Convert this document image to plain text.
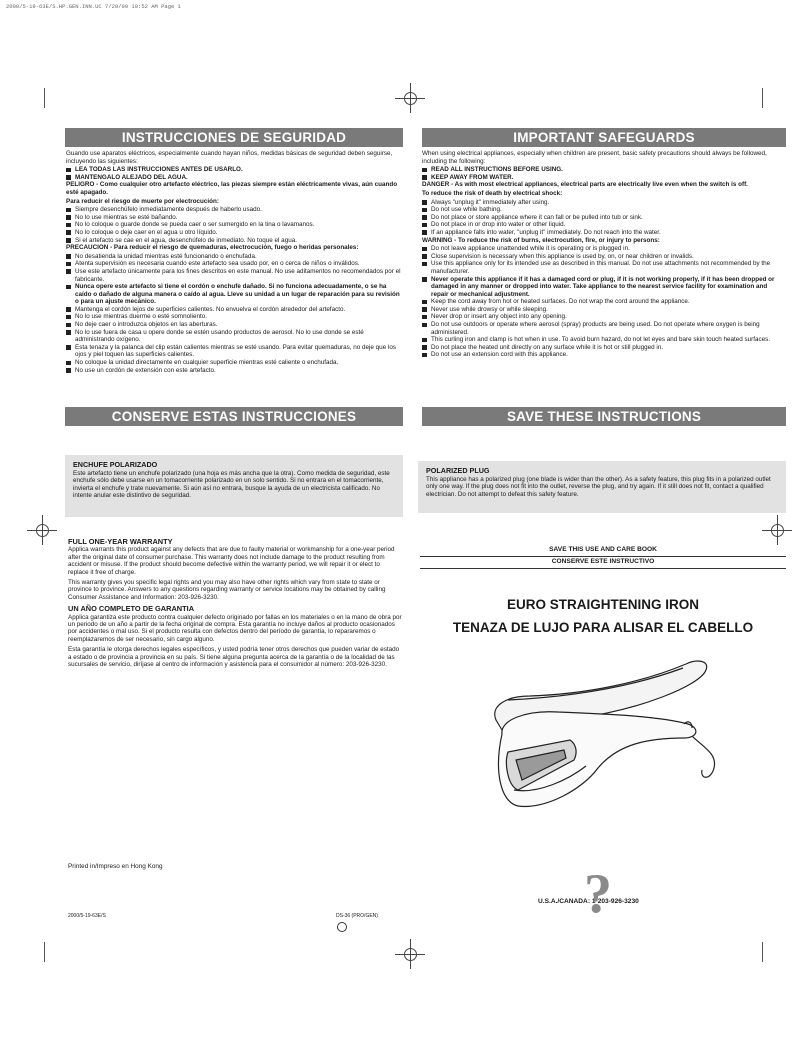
2000/5-19-63E/S.HP.GEN.INN.UC 7/20/00 10:52 AM Page 1
INSTRUCCIONES DE SEGURIDAD

Guando use aparatos eléctricos, especialmente cuando hayan niños, medidas básicas de seguridad deben seguirse, incluyendo las siguientes:

LEA TODAS LAS INSTRUCCIONES ANTES DE USARLO.
MANTENGALO ALEJADO DEL AGUA.

PELIGRO - Como cualquier otro artefacto eléctrico, las piezas siempre están eléctricamente vivas, aún cuando esté apagado.

Para reducir el riesgo de muerte por electrocución:

Siempre desenchúfelo inmediatamente después de haberlo usado.
No lo use mientras se esté bañando.
No lo coloque o guarde donde se pueda caer o ser sumergido en la tina o lavamanos.
No lo coloque o deje caer en el agua u otro líquido.
Si el artefacto se cae en el agua, desenchúfelo de inmediato. No toque el agua.

PRECAUCION - Para reducir el riesgo de quemaduras, electrocución, fuego o heridas personales:

No desatienda la unidad mientras esté funcionando o enchufada.
Atenta supervisión es necesaria cuando este artefacto sea usado por, en o cerca de niños o inválidos.
Use este artefacto únicamente para los fines descritos en este manual. No use aditamentos no recomendados por el fabricante.
Nunca opere este artefacto si tiene el cordón o enchufe dañado. Si no funciona adecuadamente, o se ha caído o dañado de alguna manera o caído al agua. Lleve su unidad a un lugar de reparación para su revisión o para un ajuste mecánico.
Mantenga el cordón lejos de superficies calientes. No envuelva el cordón alrededor del artefacto.
No lo use mientras duerme o esté somnoliento.
No deje caer o introduzca objetos en las aberturas.
No lo use fuera de casa u opere donde se estén usando productos de aerosol. No lo use donde se esté administrando oxígeno.
Esta tenaza y la palanca del clip están calientes mientras se esté usando. Para evitar quemaduras, no deje que los ojos y piel toquen las superficies calientes.
No coloque la unidad directamente en cualquier superficie mientras esté caliente o enchufada.
No use un cordón de extensión con este artefacto.
CONSERVE ESTAS INSTRUCCIONES
IMPORTANT SAFEGUARDS

When using electrical appliances, especially when children are present, basic safety precautions should always be followed, including the following:

READ ALL INSTRUCTIONS BEFORE USING.
KEEP AWAY FROM WATER.

DANGER - As with most electrical appliances, electrical parts are electrically live even when the switch is off.

To reduce the risk of death by electrical shock:

Always "unplug it" immediately after using.
Do not use while bathing.
Do not place or store appliance where it can fall or be pulled into tub or sink.
Do not place in or drop into water or other liquid.
If an appliance falls into water, "unplug it" immediately. Do not reach into the water.

WARNING - To reduce the risk of burns, electrocution, fire, or injury to persons:

Do not leave appliance unattended while it is operating or is plugged in.
Close supervision is necessary when this appliance is used by, on, or near children or invalids.
Use this appliance only for its intended use as described in this manual. Do not use attachments not recommended by the manufacturer.
Never operate this appliance if it has a damaged cord or plug, if it is not working properly, if it has been dropped or damaged in any manner or dropped into water. Take appliance to the nearest service facility for examination and repair or mechanical adjustment.
Keep the cord away from hot or heated surfaces. Do not wrap the cord around the appliance.
Never use while drowsy or while sleeping.
Never drop or insert any object into any opening.
Do not use outdoors or operate where aerosol (spray) products are being used. Do not operate where oxygen is being administered.
This curling iron and clamp is hot when in use. To avoid burn hazard, do not let eyes and bare skin touch heated surfaces.
Do not place the heated unit directly on any surface while it is hot or still plugged in.
Do not use an extension cord with this appliance.
SAVE THESE INSTRUCTIONS
ENCHUFE POLARIZADO
Este artefacto tiene un enchufe polarizado (una hoja es más ancha que la otra). Como medida de seguridad, este enchufe sólo debe usarse en un tomacorriente polarizado en un solo sentido. Si no entrara en el tomacorriente, invierta el enchufe y trate nuevamente. Si aún así no entrara, busque la ayuda de un electricista calificado. No intente anular este distintivo de seguridad.
POLARIZED PLUG
This appliance has a polarized plug (one blade is wider than the other). As a safety feature, this plug fits in a polarized outlet only one way. If the plug does not fit into the outlet, reverse the plug, and try again. If it still does not fit, contact a qualified electrician. Do not attempt to defeat this safety feature.
FULL ONE-YEAR WARRANTY

Applica warrants this product against any defects that are due to faulty material or workmanship for a one-year period after the original date of consumer purchase. This warranty does not include damage to the product resulting from accident or misuse. If the product should become defective within the warranty period, we will repair it or elect to replace it free of charge.

This warranty gives you specific legal rights and you may also have other rights which vary from state to state or province to province. Answers to any questions regarding warranty or service locations may be obtained by calling Consumer Assistance and Information: 203-926-3230.

UN AÑO COMPLETO DE GARANTIA

Applica garantiza este producto contra cualquier defecto originado por fallas en los materiales o en la mano de obra por un periodo de un año a partir de la fecha original de compra. Esta garantía no incluye daños al producto ocasionados por accidentes o mal uso. Si el producto resulta con defectos dentro del período de garantía, lo repararemos o reemplazaremos de ser necesario, sin cargo alguno.

Esta garantía le otorga derechos legales específicos, y usted podría tener otros derechos que pueden variar de estado a estado o de provincia a provincia en su país. Si tiene alguna pregunta acerca de la garantía o de la localidad de las sucursales de servicio, diríjase al centro de información y asistencia para el consumidor al número: 203-926-3230.

SAVE THIS USE AND CARE BOOK
CONSERVE ESTE INSTRUCTIVO
EURO STRAIGHTENING IRON
TENAZA DE LUJO PARA ALISAR EL CABELLO
Printed in/Impreso en Hong Kong
2000/5-19-63E/S	DS-36 (PRO/GEN)
U.S.A./CANADA: 1-203-926-3230
?
